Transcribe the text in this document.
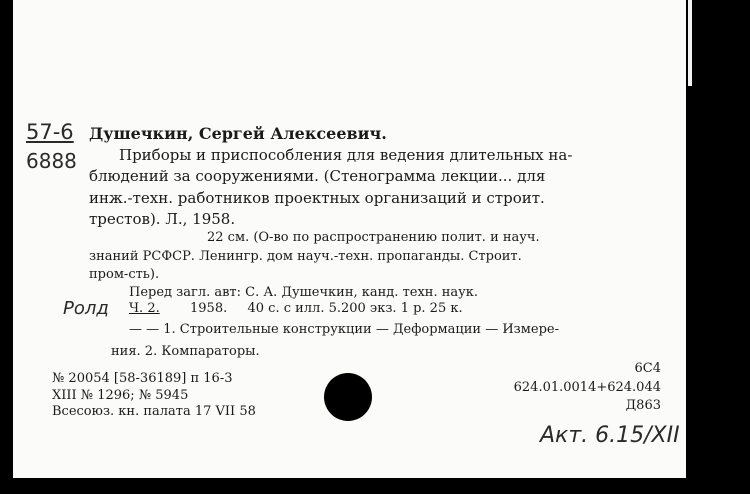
57-6
6888
Душечкин, Сергей Алексеевич.
Приборы и приспособления для ведения длительных на-
блюдений за сооружениями. (Стенограмма лекции... для
инж.-техн. работников проектных организаций и строит.
трестов). Л., 1958.
22 см. (О-во по распространению полит. и науч.
знаний РСФСР. Ленингр. дом науч.-техн. пропаганды. Строит.
пром-сть).
Перед загл. авт: С. А. Душечкин, канд. техн. наук.
Ролд Ч. 2. 1958. 40 с. с илл. 5.200 экз. 1 р. 25 к.
— — 1. Строительные конструкции — Деформации — Измере-
ния. 2. Компараторы.
№ 20054 [58-36189] п 16-3
XIII № 1296; № 5945
Всесоюз. кн. палата 17 VII 58
6С4
624.01.0014+624.044
Д863
Акт. 6.15/ХII
